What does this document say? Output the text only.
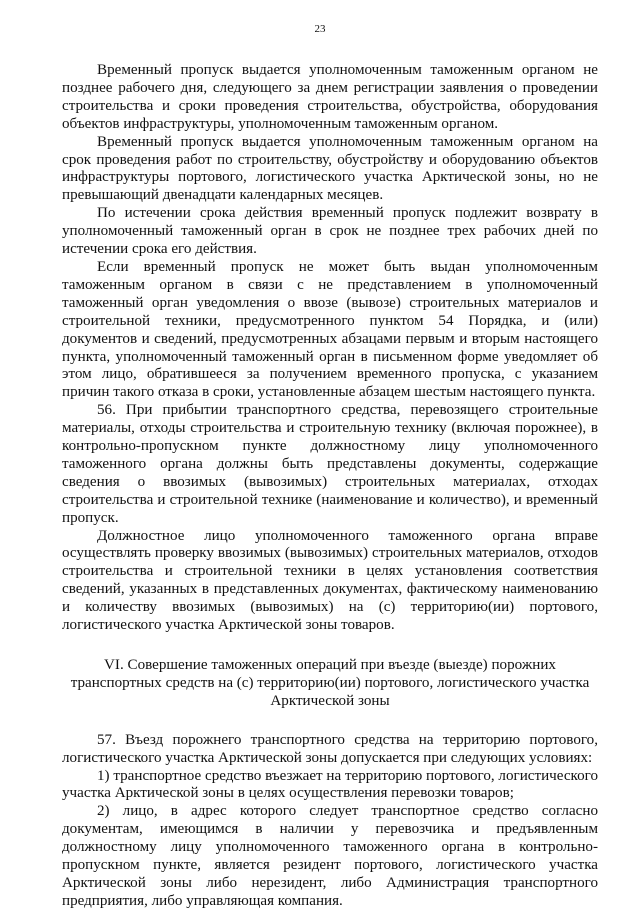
23

Временный пропуск выдается уполномоченным таможенным органом не позднее рабочего дня, следующего за днем регистрации заявления о проведении строительства и сроки проведения строительства, обустройства, оборудования объектов инфраструктуры, уполномоченным таможенным органом.

Временный пропуск выдается уполномоченным таможенным органом на срок проведения работ по строительству, обустройству и оборудованию объектов инфраструктуры портового, логистического участка Арктической зоны, но не превышающий двенадцати календарных месяцев.

По истечении срока действия временный пропуск подлежит возврату в уполномоченный таможенный орган в срок не позднее трех рабочих дней по истечении срока его действия.

Если временный пропуск не может быть выдан уполномоченным таможенным органом в связи с не представлением в уполномоченный таможенный орган уведомления о ввозе (вывозе) строительных материалов и строительной техники, предусмотренного пунктом 54 Порядка, и (или) документов и сведений, предусмотренных абзацами первым и вторым настоящего пункта, уполномоченный таможенный орган в письменном форме уведомляет об этом лицо, обратившееся за получением временного пропуска, с указанием причин такого отказа в сроки, установленные абзацем шестым настоящего пункта.

56. При прибытии транспортного средства, перевозящего строительные материалы, отходы строительства и строительную технику (включая порожнее), в контрольно-пропускном пункте должностному лицу уполномоченного таможенного органа должны быть представлены документы, содержащие сведения о ввозимых (вывозимых) строительных материалах, отходах строительства и строительной технике (наименование и количество), и временный пропуск.

Должностное лицо уполномоченного таможенного органа вправе осуществлять проверку ввозимых (вывозимых) строительных материалов, отходов строительства и строительной техники в целях установления соответствия сведений, указанных в представленных документах, фактическому наименованию и количеству ввозимых (вывозимых) на (с) территорию(ии) портового, логистического участка Арктической зоны товаров.

VI. Совершение таможенных операций при въезде (выезде) порожних
транспортных средств на (с) территорию(ии) портового, логистического участка
Арктической зоны

57. Въезд порожнего транспортного средства на территорию портового, логистического участка Арктической зоны допускается при следующих условиях:

1) транспортное средство въезжает на территорию портового, логистического участка Арктической зоны в целях осуществления перевозки товаров;

2) лицо, в адрес которого следует транспортное средство согласно документам, имеющимся в наличии у перевозчика и предъявленным должностному лицу уполномоченного таможенного органа в контрольно-пропускном пункте, является резидент портового, логистического участка Арктической зоны либо нерезидент, либо Администрация транспортного предприятия, либо управляющая компания.
